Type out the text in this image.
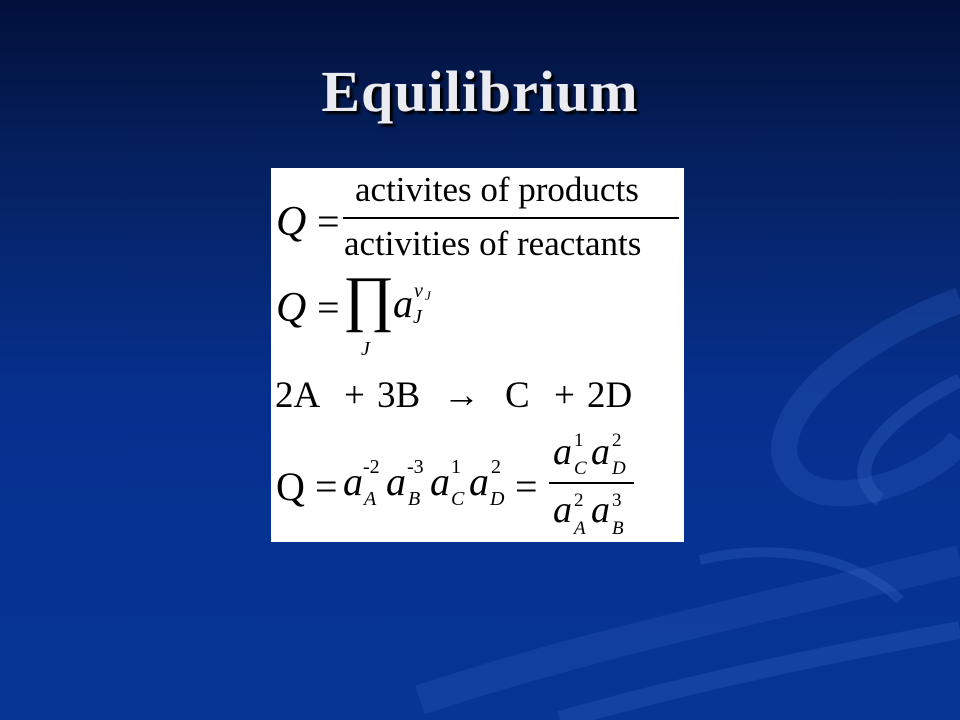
Equilibrium
Q =
activites of products
activities of reactants
Q = ∏
J
a J
ν J
2A + 3B → C + 2D
Q = a A
-2 a B
-3 a C
1 a D
2 =
a C
1 a D
2
a A
2 a B
3
